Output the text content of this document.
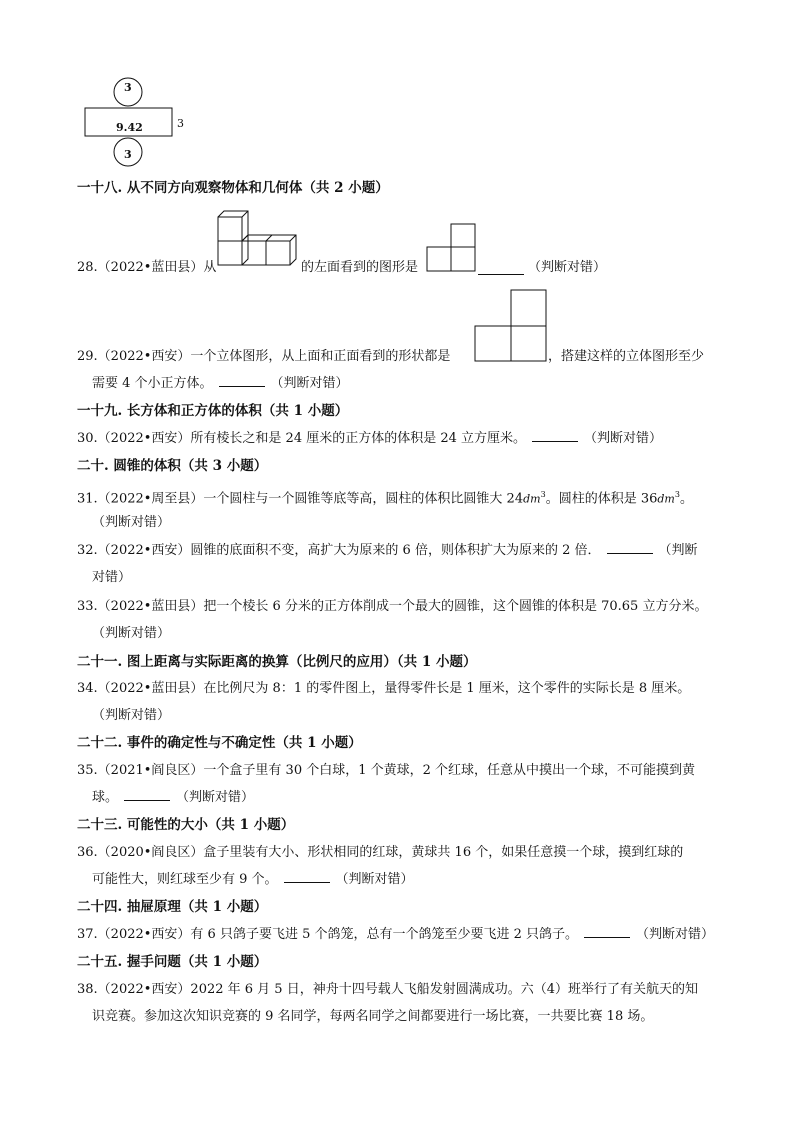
3
9.42	3
3
一十八. 从不同方向观察物体和几何体（共 2 小题）
28.（2022•蓝田县）从	的左面看到的图形是	（判断对错）
29.（2022•西安）一个立体图形，从上面和正面看到的形状都是	，搭建这样的立体图形至少
需要 4 个小正方体。	（判断对错）
一十九. 长方体和正方体的体积（共 1 小题）
30.（2022•西安）所有棱长之和是 24 厘米的正方体的体积是 24 立方厘米。	（判断对错）
二十. 圆锥的体积（共 3 小题）
31.（2022•周至县）一个圆柱与一个圆锥等底等高，圆柱的体积比圆锥大 $24dm^3$。圆柱的体积是 $36dm^3$。
（判断对错）
32.（2022•西安）圆锥的底面积不变，高扩大为原来的 6 倍，则体积扩大为原来的 2 倍．	（判断
对错）
33.（2022•蓝田县）把一个棱长 6 分米的正方体削成一个最大的圆锥，这个圆锥的体积是 70.65 立方分米。
（判断对错）
二十一. 图上距离与实际距离的换算（比例尺的应用）（共 1 小题）
34.（2022•蓝田县）在比例尺为 8：1 的零件图上，量得零件长是 1 厘米，这个零件的实际长是 8 厘米。
（判断对错）
二十二. 事件的确定性与不确定性（共 1 小题）
35.（2021•阎良区）一个盒子里有 30 个白球，1 个黄球，2 个红球，任意从中摸出一个球，不可能摸到黄
球。	（判断对错）
二十三. 可能性的大小（共 1 小题）
36.（2020•阎良区）盒子里装有大小、形状相同的红球，黄球共 16 个，如果任意摸一个球，摸到红球的
可能性大，则红球至少有 9 个。	（判断对错）
二十四. 抽屉原理（共 1 小题）
37.（2022•西安）有 6 只鸽子要飞进 5 个鸽笼，总有一个鸽笼至少要飞进 2 只鸽子。	（判断对错）
二十五. 握手问题（共 1 小题）
38.（2022•西安）2022 年 6 月 5 日，神舟十四号载人飞船发射圆满成功。六（4）班举行了有关航天的知
识竞赛。参加这次知识竞赛的 9 名同学，每两名同学之间都要进行一场比赛，一共要比赛 18 场。
